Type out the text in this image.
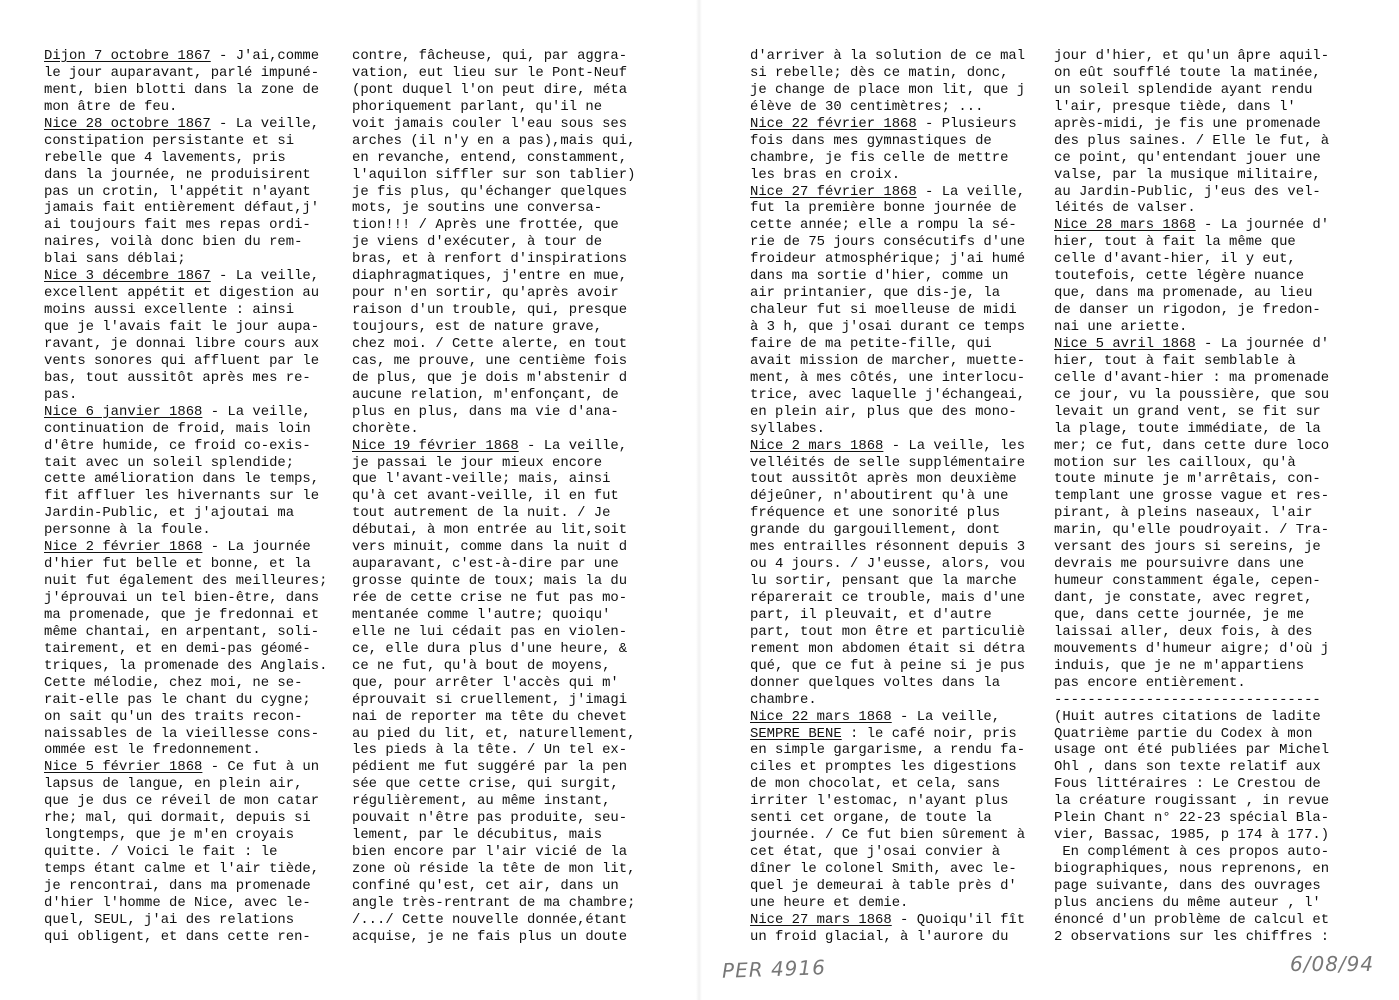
Dijon 7 octobre 1867 - J'ai,comme
le jour auparavant, parlé impuné-
ment, bien blotti dans la zone de
mon âtre de feu.
Nice 28 octobre 1867 - La veille,
constipation persistante et si
rebelle que 4 lavements, pris
dans la journée, ne produisirent
pas un crotin, l'appétit n'ayant
jamais fait entièrement défaut,j'
ai toujours fait mes repas ordi-
naires, voilà donc bien du rem-
blai sans déblai;
Nice 3 décembre 1867 - La veille,
excellent appétit et digestion au
moins aussi excellente : ainsi
que je l'avais fait le jour aupa-
ravant, je donnai libre cours aux
vents sonores qui affluent par le
bas, tout aussitôt après mes re-
pas.
Nice 6 janvier 1868 - La veille,
continuation de froid, mais loin
d'être humide, ce froid co-exis-
tait avec un soleil splendide;
cette amélioration dans le temps,
fit affluer les hivernants sur le
Jardin-Public, et j'ajoutai ma
personne à la foule.
Nice 2 février 1868 - La journée
d'hier fut belle et bonne, et la
nuit fut également des meilleures;
j'éprouvai un tel bien-être, dans
ma promenade, que je fredonnai et
même chantai, en arpentant, soli-
tairement, et en demi-pas géomé-
triques, la promenade des Anglais.
Cette mélodie, chez moi, ne se-
rait-elle pas le chant du cygne;
on sait qu'un des traits recon-
naissables de la vieillesse cons-
ommée est le fredonnement.
Nice 5 février 1868 - Ce fut à un
lapsus de langue, en plein air,
que je dus ce réveil de mon catar
rhe; mal, qui dormait, depuis si
longtemps, que je m'en croyais
quitte. / Voici le fait : le
temps étant calme et l'air tiède,
je rencontrai, dans ma promenade
d'hier l'homme de Nice, avec le-
quel, SEUL, j'ai des relations
qui obligent, et dans cette ren-
contre, fâcheuse, qui, par aggra-
vation, eut lieu sur le Pont-Neuf
(pont duquel l'on peut dire, méta
phoriquement parlant, qu'il ne
voit jamais couler l'eau sous ses
arches (il n'y en a pas),mais qui,
en revanche, entend, constamment,
l'aquilon siffler sur son tablier)
je fis plus, qu'échanger quelques
mots, je soutins une conversa-
tion!!! / Après une frottée, que
je viens d'exécuter, à tour de
bras, et à renfort d'inspirations
diaphragmatiques, j'entre en mue,
pour n'en sortir, qu'après avoir
raison d'un trouble, qui, presque
toujours, est de nature grave,
chez moi. / Cette alerte, en tout
cas, me prouve, une centième fois
de plus, que je dois m'abstenir d
aucune relation, m'enfonçant, de
plus en plus, dans ma vie d'ana-
chorète.
Nice 19 février 1868 - La veille,
je passai le jour mieux encore
que l'avant-veille; mais, ainsi
qu'à cet avant-veille, il en fut
tout autrement de la nuit. / Je
débutai, à mon entrée au lit,soit
vers minuit, comme dans la nuit d
auparavant, c'est-à-dire par une
grosse quinte de toux; mais la du
rée de cette crise ne fut pas mo-
mentanée comme l'autre; quoiqu'
elle ne lui cédait pas en violen-
ce, elle dura plus d'une heure, &
ce ne fut, qu'à bout de moyens,
que, pour arrêter l'accès qui m'
éprouvait si cruellement, j'imagi
nai de reporter ma tête du chevet
au pied du lit, et, naturellement,
les pieds à la tête. / Un tel ex-
pédient me fut suggéré par la pen
sée que cette crise, qui surgit,
régulièrement, au même instant,
pouvait n'être pas produite, seu-
lement, par le décubitus, mais
bien encore par l'air vicié de la
zone où réside la tête de mon lit,
confiné qu'est, cet air, dans un
angle très-rentrant de ma chambre;
/.../ Cette nouvelle donnée,étant
acquise, je ne fais plus un doute
d'arriver à la solution de ce mal
si rebelle; dès ce matin, donc,
je change de place mon lit, que j
élève de 30 centimètres; ...
Nice 22 février 1868 - Plusieurs
fois dans mes gymnastiques de
chambre, je fis celle de mettre
les bras en croix.
Nice 27 février 1868 - La veille,
fut la première bonne journée de
cette année; elle a rompu la sé-
rie de 75 jours consécutifs d'une
froideur atmosphérique; j'ai humé
dans ma sortie d'hier, comme un
air printanier, que dis-je, la
chaleur fut si moelleuse de midi
à 3 h, que j'osai durant ce temps
faire de ma petite-fille, qui
avait mission de marcher, muette-
ment, à mes côtés, une interlocu-
trice, avec laquelle j'échangeai,
en plein air, plus que des mono-
syllabes.
Nice 2 mars 1868 - La veille, les
velléités de selle supplémentaire
tout aussitôt après mon deuxième
déjeûner, n'aboutirent qu'à une
fréquence et une sonorité plus
grande du gargouillement, dont
mes entrailles résonnent depuis 3
ou 4 jours. / J'eusse, alors, vou
lu sortir, pensant que la marche
réparerait ce trouble, mais d'une
part, il pleuvait, et d'autre
part, tout mon être et particuliè
rement mon abdomen était si détra
qué, que ce fut à peine si je pus
donner quelques voltes dans la
chambre.
Nice 22 mars 1868 - La veille,
SEMPRE BENE : le café noir, pris
en simple gargarisme, a rendu fa-
ciles et promptes les digestions
de mon chocolat, et cela, sans
irriter l'estomac, n'ayant plus
senti cet organe, de toute la
journée. / Ce fut bien sûrement à
cet état, que j'osai convier à
dîner le colonel Smith, avec le-
quel je demeurai à table près d'
une heure et demie.
Nice 27 mars 1868 - Quoiqu'il fît
un froid glacial, à l'aurore du
jour d'hier, et qu'un âpre aquil-
on eût soufflé toute la matinée,
un soleil splendide ayant rendu
l'air, presque tiède, dans l'
après-midi, je fis une promenade
des plus saines. / Elle le fut, à
ce point, qu'entendant jouer une
valse, par la musique militaire,
au Jardin-Public, j'eus des vel-
léités de valser.
Nice 28 mars 1868 - La journée d'
hier, tout à fait la même que
celle d'avant-hier, il y eut,
toutefois, cette légère nuance
que, dans ma promenade, au lieu
de danser un rigodon, je fredon-
nai une ariette.
Nice 5 avril 1868 - La journée d'
hier, tout à fait semblable à
celle d'avant-hier : ma promenade
ce jour, vu la poussière, que sou
levait un grand vent, se fit sur
la plage, toute immédiate, de la
mer; ce fut, dans cette dure loco
motion sur les cailloux, qu'à
toute minute je m'arrêtais, con-
templant une grosse vague et res-
pirant, à pleins naseaux, l'air
marin, qu'elle poudroyait. / Tra-
versant des jours si sereins, je
devrais me poursuivre dans une
humeur constamment égale, cepen-
dant, je constate, avec regret,
que, dans cette journée, je me
laissai aller, deux fois, à des
mouvements d'humeur aigre; d'où j
induis, que je ne m'appartiens
pas encore entièrement.
--------------------------------
(Huit autres citations de ladite
Quatrième partie du Codex à mon
usage ont été publiées par Michel
Ohl , dans son texte relatif aux
Fous littéraires : Le Crestou de
la créature rougissant , in revue
Plein Chant n° 22-23 spécial Bla-
vier, Bassac, 1985, p 174 à 177.)
En complément à ces propos auto-
biographiques, nous reprenons, en
page suivante, dans des ouvrages
plus anciens du même auteur , l'
énoncé d'un problème de calcul et
2 observations sur les chiffres :
PER 4916	6/08/94
